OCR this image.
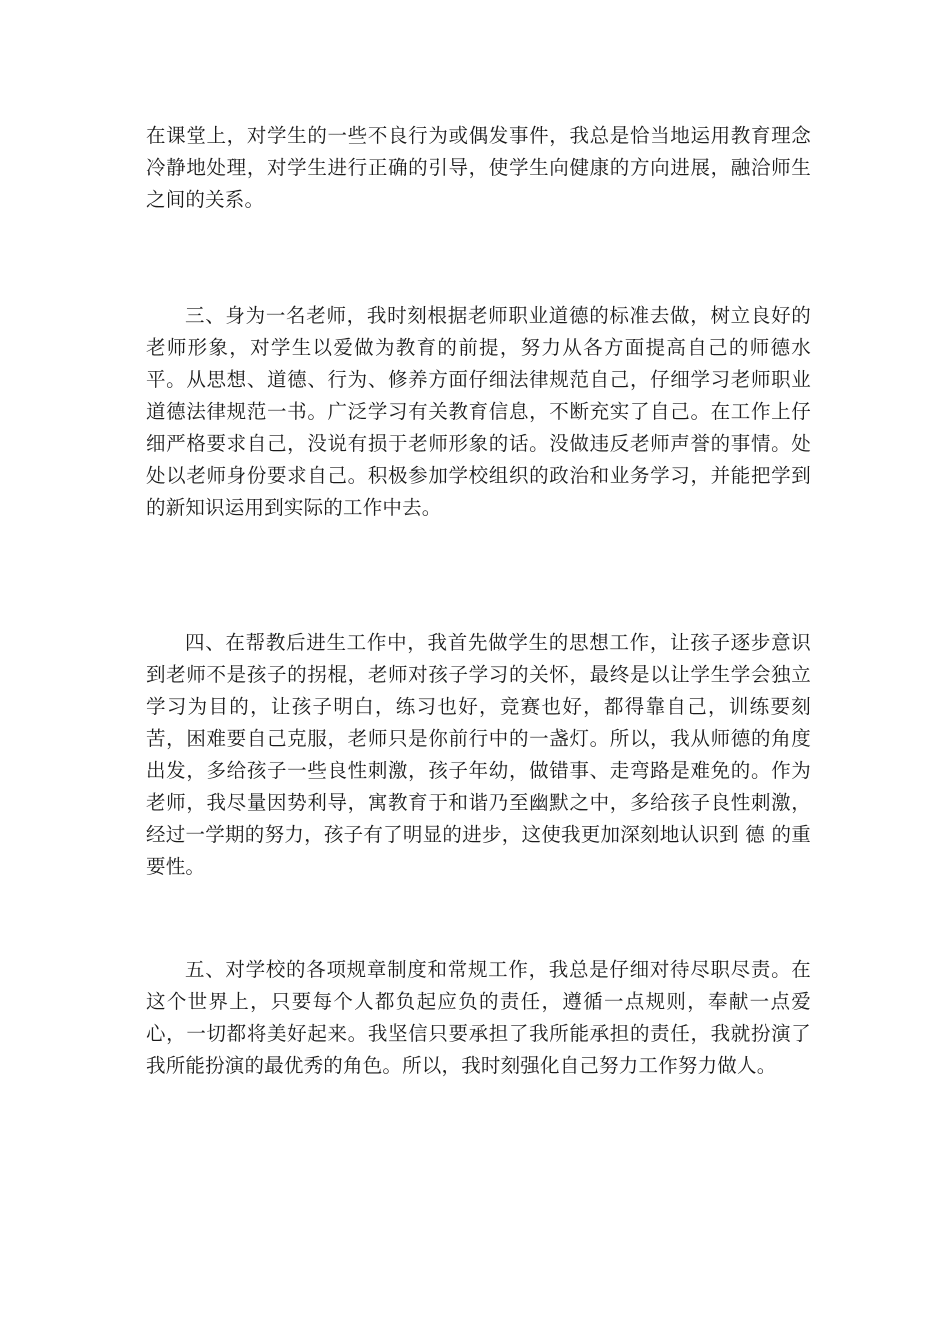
在课堂上，对学生的一些不良行为或偶发事件，我总是恰当地运用教育理念冷静地处理，对学生进行正确的引导，使学生向健康的方向进展，融洽师生之间的关系。

三、身为一名老师，我时刻根据老师职业道德的标准去做，树立良好的老师形象，对学生以爱做为教育的前提，努力从各方面提高自己的师德水平。从思想、道德、行为、修养方面仔细法律规范自己，仔细学习老师职业道德法律规范一书。广泛学习有关教育信息，不断充实了自己。在工作上仔细严格要求自己，没说有损于老师形象的话。没做违反老师声誉的事情。处处以老师身份要求自己。积极参加学校组织的政治和业务学习，并能把学到的新知识运用到实际的工作中去。

四、在帮教后进生工作中，我首先做学生的思想工作，让孩子逐步意识到老师不是孩子的拐棍，老师对孩子学习的关怀，最终是以让学生学会独立学习为目的，让孩子明白，练习也好，竞赛也好，都得靠自己，训练要刻苦，困难要自己克服，老师只是你前行中的一盏灯。所以，我从师德的角度出发，多给孩子一些良性刺激，孩子年幼，做错事、走弯路是难免的。作为老师，我尽量因势利导，寓教育于和谐乃至幽默之中，多给孩子良性刺激，经过一学期的努力，孩子有了明显的进步，这使我更加深刻地认识到 德 的重要性。

五、对学校的各项规章制度和常规工作，我总是仔细对待尽职尽责。在这个世界上，只要每个人都负起应负的责任，遵循一点规则，奉献一点爱心，一切都将美好起来。我坚信只要承担了我所能承担的责任，我就扮演了我所能扮演的最优秀的角色。所以，我时刻强化自己努力工作努力做人。
